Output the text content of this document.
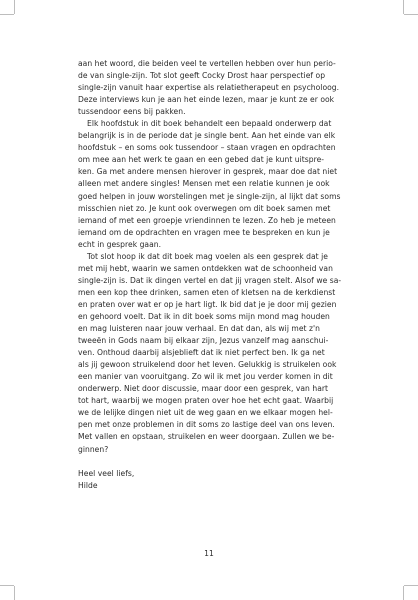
aan het woord, die beiden veel te vertellen hebben over hun perio-
de van single-zijn. Tot slot geeft Cocky Drost haar perspectief op
single-zijn vanuit haar expertise als relatietherapeut en psycholoog.
Deze interviews kun je aan het einde lezen, maar je kunt ze er ook
tussendoor eens bij pakken.
Elk hoofdstuk in dit boek behandelt een bepaald onderwerp dat
belangrijk is in de periode dat je single bent. Aan het einde van elk
hoofdstuk – en soms ook tussendoor – staan vragen en opdrachten
om mee aan het werk te gaan en een gebed dat je kunt uitspre-
ken. Ga met andere mensen hierover in gesprek, maar doe dat niet
alleen met andere singles! Mensen met een relatie kunnen je ook
goed helpen in jouw worstelingen met je single-zijn, al lijkt dat soms
misschien niet zo. Je kunt ook overwegen om dit boek samen met
iemand of met een groepje vriendinnen te lezen. Zo heb je meteen
iemand om de opdrachten en vragen mee te bespreken en kun je
echt in gesprek gaan.
Tot slot hoop ik dat dit boek mag voelen als een gesprek dat je
met mij hebt, waarin we samen ontdekken wat de schoonheid van
single-zijn is. Dat ik dingen vertel en dat jij vragen stelt. Alsof we sa-
men een kop thee drinken, samen eten of kletsen na de kerkdienst
en praten over wat er op je hart ligt. Ik bid dat je je door mij gezien
en gehoord voelt. Dat ik in dit boek soms mijn mond mag houden
en mag luisteren naar jouw verhaal. En dat dan, als wij met z'n
tweeën in Gods naam bij elkaar zijn, Jezus vanzelf mag aanschui-
ven. Onthoud daarbij alsjeblieft dat ik niet perfect ben. Ik ga net
als jij gewoon struikelend door het leven. Gelukkig is struikelen ook
een manier van vooruitgang. Zo wil ik met jou verder komen in dit
onderwerp. Niet door discussie, maar door een gesprek, van hart
tot hart, waarbij we mogen praten over hoe het echt gaat. Waarbij
we de lelijke dingen niet uit de weg gaan en we elkaar mogen hel-
pen met onze problemen in dit soms zo lastige deel van ons leven.
Met vallen en opstaan, struikelen en weer doorgaan. Zullen we be-
ginnen?
Heel veel liefs,
Hilde
11
